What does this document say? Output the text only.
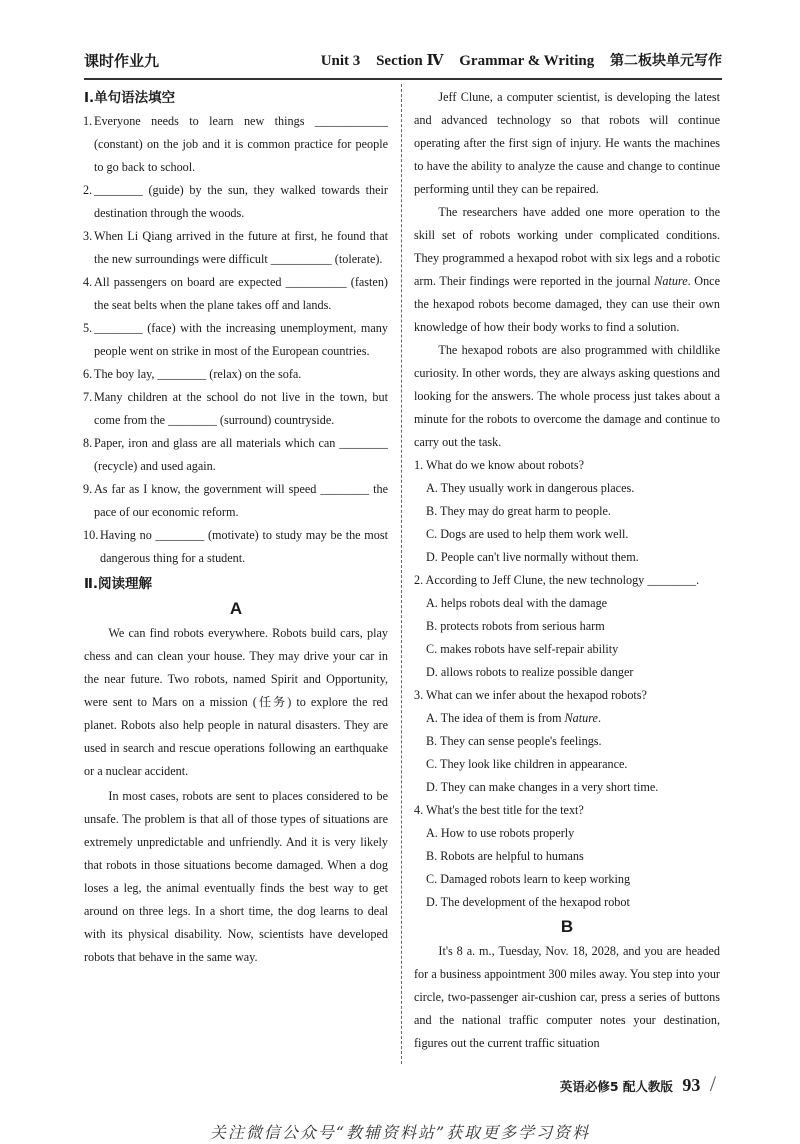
课时作业九	Unit 3 Section Ⅳ Grammar & Writing 第二板块单元写作
Ⅰ.单句语法填空
1. Everyone needs to learn new things ____________ (constant) on the job and it is common practice for people to go back to school.
2. ________ (guide) by the sun, they walked towards their destination through the woods.
3. When Li Qiang arrived in the future at first, he found that the new surroundings were difficult __________ (tolerate).
4. All passengers on board are expected __________ (fasten) the seat belts when the plane takes off and lands.
5. ________ (face) with the increasing unemployment, many people went on strike in most of the European countries.
6. The boy lay, ________ (relax) on the sofa.
7. Many children at the school do not live in the town, but come from the ________ (surround) countryside.
8. Paper, iron and glass are all materials which can ________ (recycle) and used again.
9. As far as I know, the government will speed ________ the pace of our economic reform.
10. Having no ________ (motivate) to study may be the most dangerous thing for a student.
Ⅱ.阅读理解
A

We can find robots everywhere. Robots build cars, play chess and can clean your house. They may drive your car in the near future. Two robots, named Spirit and Opportunity, were sent to Mars on a mission (任务) to explore the red planet. Robots also help people in natural disasters. They are used in search and rescue operations following an earthquake or a nuclear accident.

In most cases, robots are sent to places considered to be unsafe. The problem is that all of those types of situations are extremely unpredictable and unfriendly. And it is very likely that robots in those situations become damaged. When a dog loses a leg, the animal eventually finds the best way to get around on three legs. In a short time, the dog learns to deal with its physical disability. Now, scientists have developed robots that behave in the same way.

Jeff Clune, a computer scientist, is developing the latest and advanced technology so that robots will continue operating after the first sign of injury. He wants the machines to have the ability to analyze the cause and change to continue performing until they can be repaired.

The researchers have added one more operation to the skill set of robots working under complicated conditions. They programmed a hexapod robot with six legs and a robotic arm. Their findings were reported in the journal Nature. Once the hexapod robots become damaged, they can use their own knowledge of how their body works to find a solution.

The hexapod robots are also programmed with childlike curiosity. In other words, they are always asking questions and looking for the answers. The whole process just takes about a minute for the robots to overcome the damage and continue to carry out the task.

1. What do we know about robots?
A. They usually work in dangerous places.
B. They may do great harm to people.
C. Dogs are used to help them work well.
D. People can't live normally without them.
2. According to Jeff Clune, the new technology ________.
A. helps robots deal with the damage
B. protects robots from serious harm
C. makes robots have self-repair ability
D. allows robots to realize possible danger
3. What can we infer about the hexapod robots?
A. The idea of them is from Nature.
B. They can sense people's feelings.
C. They look like children in appearance.
D. They can make changes in a very short time.
4. What's the best title for the text?
A. How to use robots properly
B. Robots are helpful to humans
C. Damaged robots learn to keep working
D. The development of the hexapod robot
B

It's 8 a. m., Tuesday, Nov. 18, 2028, and you are headed for a business appointment 300 miles away. You step into your circle, two-passenger air-cushion car, press a series of buttons and the national traffic computer notes your destination, figures out the current traffic situation

英语必修5 配人教版 93 /
关注微信公众号“教辅资料站”获取更多学习资料
